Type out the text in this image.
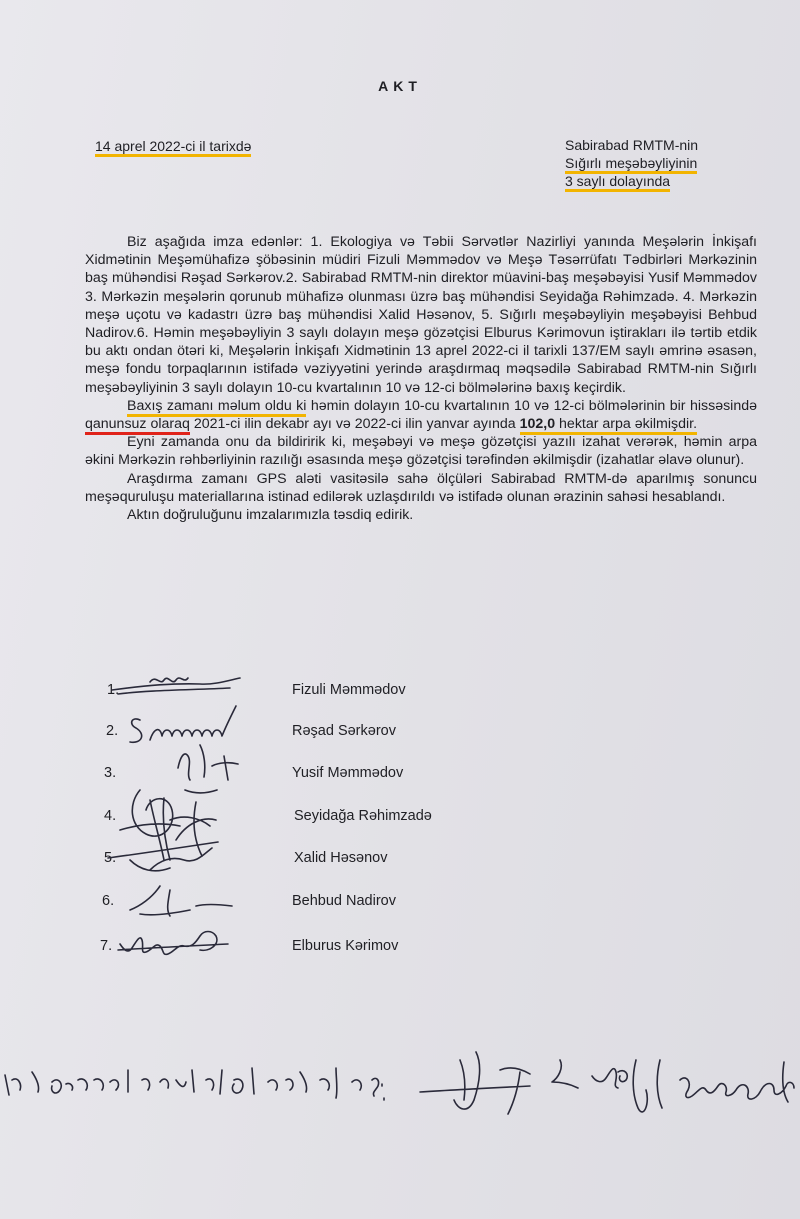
AKT
14 aprel 2022-ci il tarixdə	Sabirabad RMTM-nin
Sığırlı meşəbəyliyinin
3 saylı dolayında

Biz aşağıda imza edənlər: 1. Ekologiya və Təbii Sərvətlər Nazirliyi yanında Meşələrin İnkişafı Xidmətinin Meşəmühafizə şöbəsinin müdiri Fizuli Məmmədov və Meşə Təsərrüfatı Tədbirləri Mərkəzinin baş mühəndisi Rəşad Sərkərov.2. Sabirabad RMTM-nin direktor müavini-baş meşəbəyisi Yusif Məmmədov 3. Mərkəzin meşələrin qorunub mühafizə olunması üzrə baş mühəndisi Seyidağa Rəhimzadə. 4. Mərkəzin meşə uçotu və kadastrı üzrə baş mühəndisi Xalid Həsənov, 5. Sığırlı meşəbəyliyin meşəbəyisi Behbud Nadirov.6. Həmin meşəbəyliyin 3 saylı dolayın meşə gözətçisi Elburus Kərimovun iştirakları ilə tərtib etdik bu aktı ondan ötəri ki, Meşələrin İnkişafı Xidmətinin 13 aprel 2022-ci il tarixli 137/EM saylı əmrinə əsasən, meşə fondu torpaqlarının istifadə vəziyyətini yerində araşdırmaq məqsədilə Sabirabad RMTM-nin Sığırlı meşəbəyliyinin 3 saylı dolayın 10-cu kvartalının 10 və 12-ci bölmələrinə baxış keçirdik.

Baxış zamanı məlum oldu ki həmin dolayın 10-cu kvartalının 10 və 12-ci bölmələrinin bir hissəsində qanunsuz olaraq 2021-ci ilin dekabr ayı və 2022-ci ilin yanvar ayında 102,0 hektar arpa əkilmişdir.

Eyni zamanda onu da bildiririk ki, meşəbəyi və meşə gözətçisi yazılı izahat verərək, həmin arpa əkini Mərkəzin rəhbərliyinin razılığı əsasında meşə gözətçisi tərəfindən əkilmişdir (izahatlar əlavə olunur).

Araşdırma zamanı GPS aləti vasitəsilə sahə ölçüləri Sabirabad RMTM-də aparılmış sonuncu meşəquruluşu materiallarına istinad edilərək uzlaşdırıldı və istifadə olunan ərazinin sahəsi hesablandı.

Aktın doğruluğunu imzalarımızla təsdiq edirik.

1.	Fizuli Məmmədov
2.	Rəşad Sərkərov
3.	Yusif Məmmədov
4.	Seyidağa Rəhimzadə
5.	Xalid Həsənov
6.	Behbud Nadirov
7.	Elburus Kərimov
